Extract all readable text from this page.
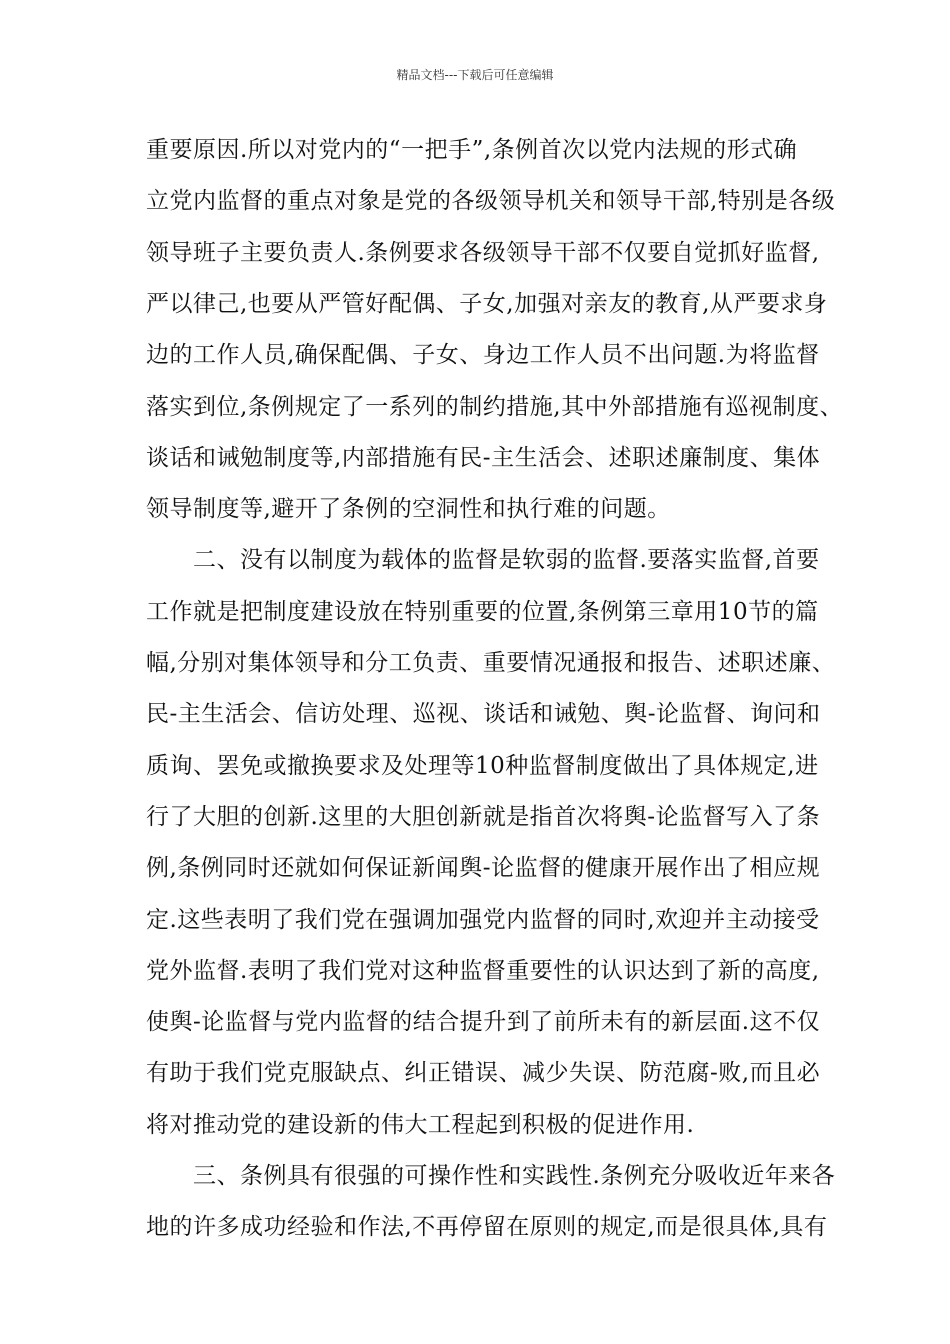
精品文档---下载后可任意编辑
重要原因.所以对党内的“一把手”,条例首次以党内法规的形式确
立党内监督的重点对象是党的各级领导机关和领导干部,特别是各级
领导班子主要负责人.条例要求各级领导干部不仅要自觉抓好监督,
严以律己,也要从严管好配偶、子女,加强对亲友的教育,从严要求身
边的工作人员,确保配偶、子女、身边工作人员不出问题.为将监督
落实到位,条例规定了一系列的制约措施,其中外部措施有巡视制度、
谈话和诫勉制度等,内部措施有民-主生活会、述职述廉制度、集体
领导制度等,避开了条例的空洞性和执行难的问题。
　　二、没有以制度为载体的监督是软弱的监督.要落实监督,首要
工作就是把制度建设放在特别重要的位置,条例第三章用10节的篇
幅,分别对集体领导和分工负责、重要情况通报和报告、述职述廉、
民-主生活会、信访处理、巡视、谈话和诫勉、舆-论监督、询问和
质询、罢免或撤换要求及处理等10种监督制度做出了具体规定,进
行了大胆的创新.这里的大胆创新就是指首次将舆-论监督写入了条
例,条例同时还就如何保证新闻舆-论监督的健康开展作出了相应规
定.这些表明了我们党在强调加强党内监督的同时,欢迎并主动接受
党外监督.表明了我们党对这种监督重要性的认识达到了新的高度,
使舆-论监督与党内监督的结合提升到了前所未有的新层面.这不仅
有助于我们党克服缺点、纠正错误、减少失误、防范腐-败,而且必
将对推动党的建设新的伟大工程起到积极的促进作用.
　　三、条例具有很强的可操作性和实践性.条例充分吸收近年来各
地的许多成功经验和作法,不再停留在原则的规定,而是很具体,具有
